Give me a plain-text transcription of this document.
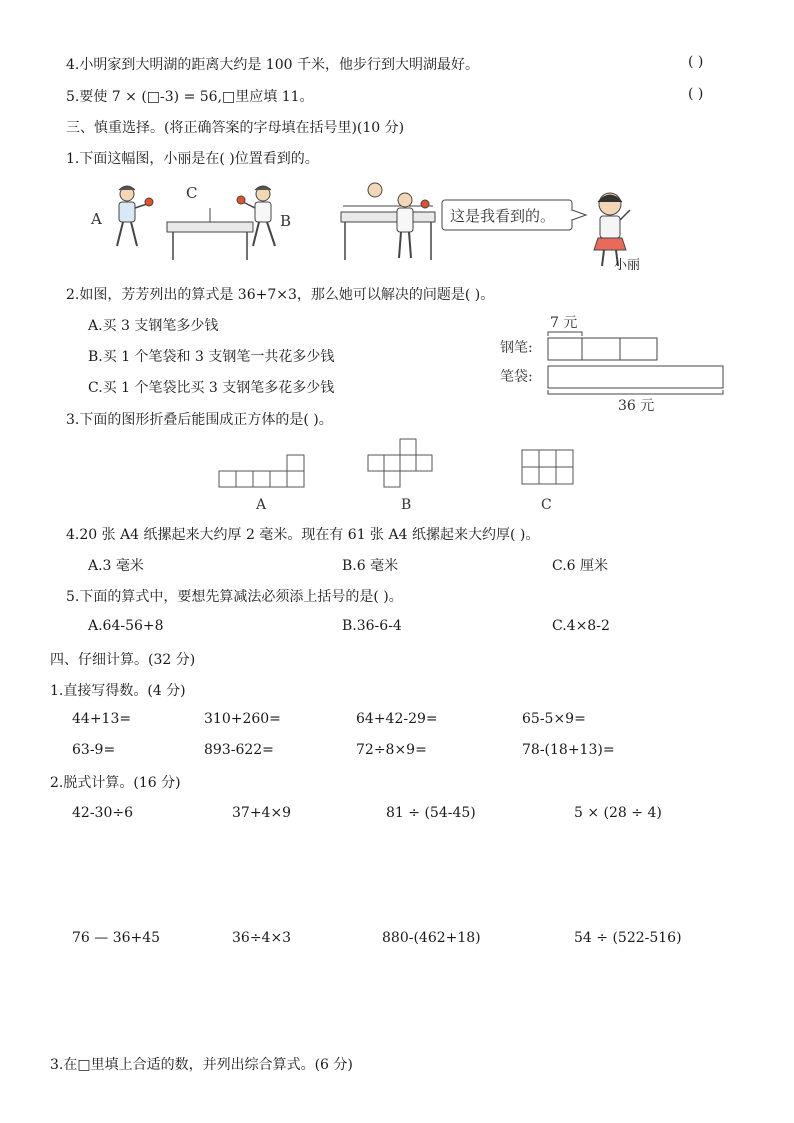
4.小明家到大明湖的距离大约是 100 千米，他步行到大明湖最好。	( )
5.要使 7 × (□-3) = 56,□里应填 11。	( )
三、慎重选择。(将正确答案的字母填在括号里)(10 分)
1.下面这幅图，小丽是在( )位置看到的。
A
C
B	这是我看到的。
小丽
2.如图，芳芳列出的算式是 36+7×3，那么她可以解决的问题是( )。
A.买 3 支钢笔多少钱
B.买 1 个笔袋和 3 支钢笔一共花多少钱
C.买 1 个笔袋比买 3 支钢笔多花多少钱
7 元
钢笔:
笔袋:
36 元
3.下面的图形折叠后能围成正方体的是( )。
A	B	C
4.20 张 A4 纸摞起来大约厚 2 毫米。现在有 61 张 A4 纸摞起来大约厚( )。
A.3 毫米	B.6 毫米	C.6 厘米
5.下面的算式中，要想先算减法必须添上括号的是( )。
A.64-56+8	B.36-6-4	C.4×8-2
四、仔细计算。(32 分)
1.直接写得数。(4 分)
44+13=	310+260=	64+42-29=	65-5×9=
63-9=	893-622=	72÷8×9=	78-(18+13)=
2.脱式计算。(16 分)
42-30÷6	37+4×9	81 ÷ (54-45)	5 × (28 ÷ 4)
76 — 36+45	36÷4×3	880-(462+18)	54 ÷ (522-516)
3.在□里填上合适的数，并列出综合算式。(6 分)
